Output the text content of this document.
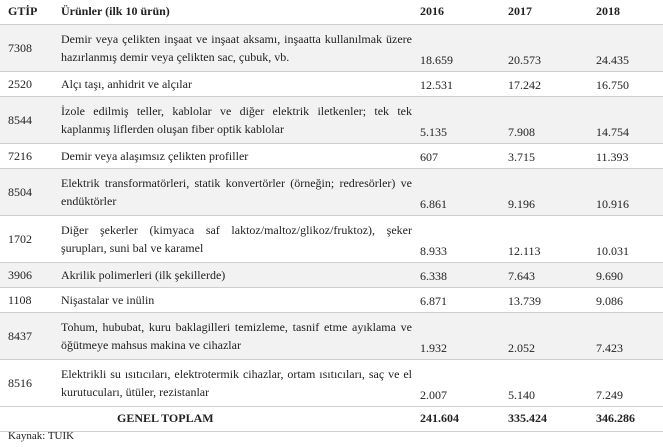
GTİP	Ürünler (ilk 10 ürün)	2016	2017	2018
7308	Demir veya çelikten inşaat ve inşaat aksamı, inşaatta kullanılmak üzere hazırlanmış demir veya çelikten sac, çubuk, vb.	18.659	20.573	24.435
2520	Alçı taşı, anhidrit ve alçılar	12.531	17.242	16.750
8544	İzole edilmiş teller, kablolar ve diğer elektrik iletkenler; tek tek kaplanmış liflerden oluşan fiber optik kablolar	5.135	7.908	14.754
7216	Demir veya alaşımsız çelikten profiller	607	3.715	11.393
8504	Elektrik transformatörleri, statik konvertörler (örneğin; redresörler) ve endüktörler	6.861	9.196	10.916
1702	Diğer şekerler (kimyaca saf laktoz/maltoz/glikoz/fruktoz), şeker şurupları, suni bal ve karamel	8.933	12.113	10.031
3906	Akrilik polimerleri (ilk şekillerde)	6.338	7.643	9.690
1108	Nişastalar ve inülin	6.871	13.739	9.086
8437	Tohum, hububat, kuru baklagilleri temizleme, tasnif etme ayıklama ve öğütmeye mahsus makina ve cihazlar	1.932	2.052	7.423
8516	Elektrikli su ısıtıcıları, elektrotermik cihazlar, ortam ısıtıcıları, saç ve el kurutucuları, ütüler, rezistanlar	2.007	5.140	7.249
	GENEL TOPLAM	241.604	335.424	346.286
Kaynak: TUIK
